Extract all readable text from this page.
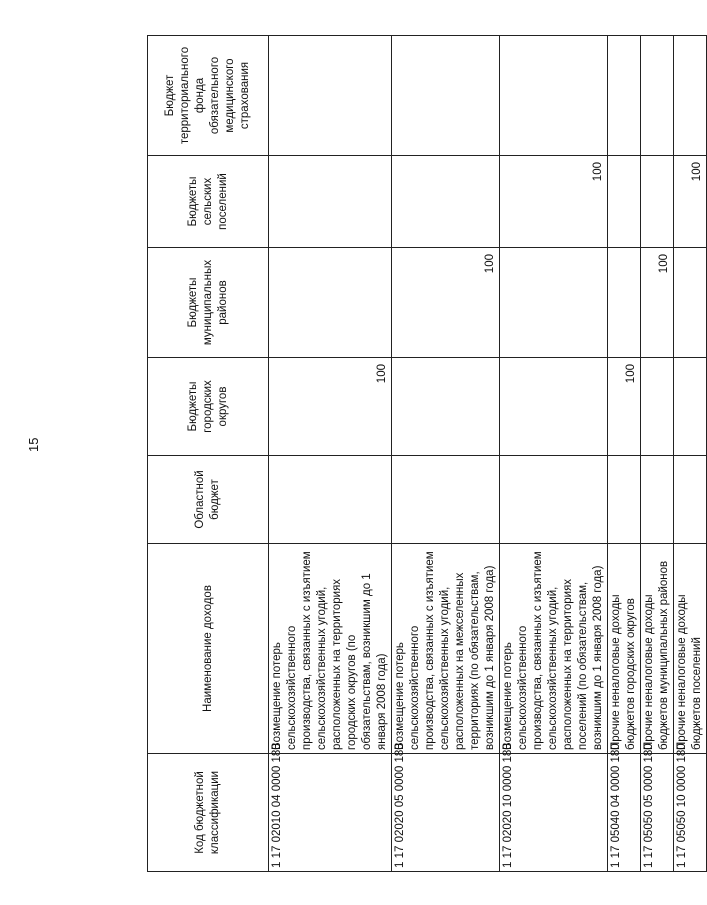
15
Код бюджетной классификации	Наименование доходов	Областной бюджет	Бюджеты городских округов	Бюджеты муниципальных районов	Бюджеты сельских поселений	Бюджет территориального фонда обязательного медицинского страхования
1 17 02010 04 0000 180	Возмещение потерь сельскохозяйственного производства, связанных с изъятием сельскохозяйственных угодий, расположенных на территориях городских округов (по обязательствам, возникшим до 1 января 2008 года)		100			
1 17 02020 05 0000 180	Возмещение потерь сельскохозяйственного производства, связанных с изъятием сельскохозяйственных угодий, расположенных на межселенных территориях (по обязательствам, возникшим до 1 января 2008 года)			100		
1 17 02020 10 0000 180	Возмещение потерь сельскохозяйственного производства, связанных с изъятием сельскохозяйственных угодий, расположенных на территориях поселений (по обязательствам, возникшим до 1 января 2008 года)				100	
1 17 05040 04 0000 180	Прочие неналоговые доходы бюджетов городских округов		100			
1 17 05050 05 0000 180	Прочие неналоговые доходы бюджетов муниципальных районов			100		
1 17 05050 10 0000 180	Прочие неналоговые доходы бюджетов поселений				100	
